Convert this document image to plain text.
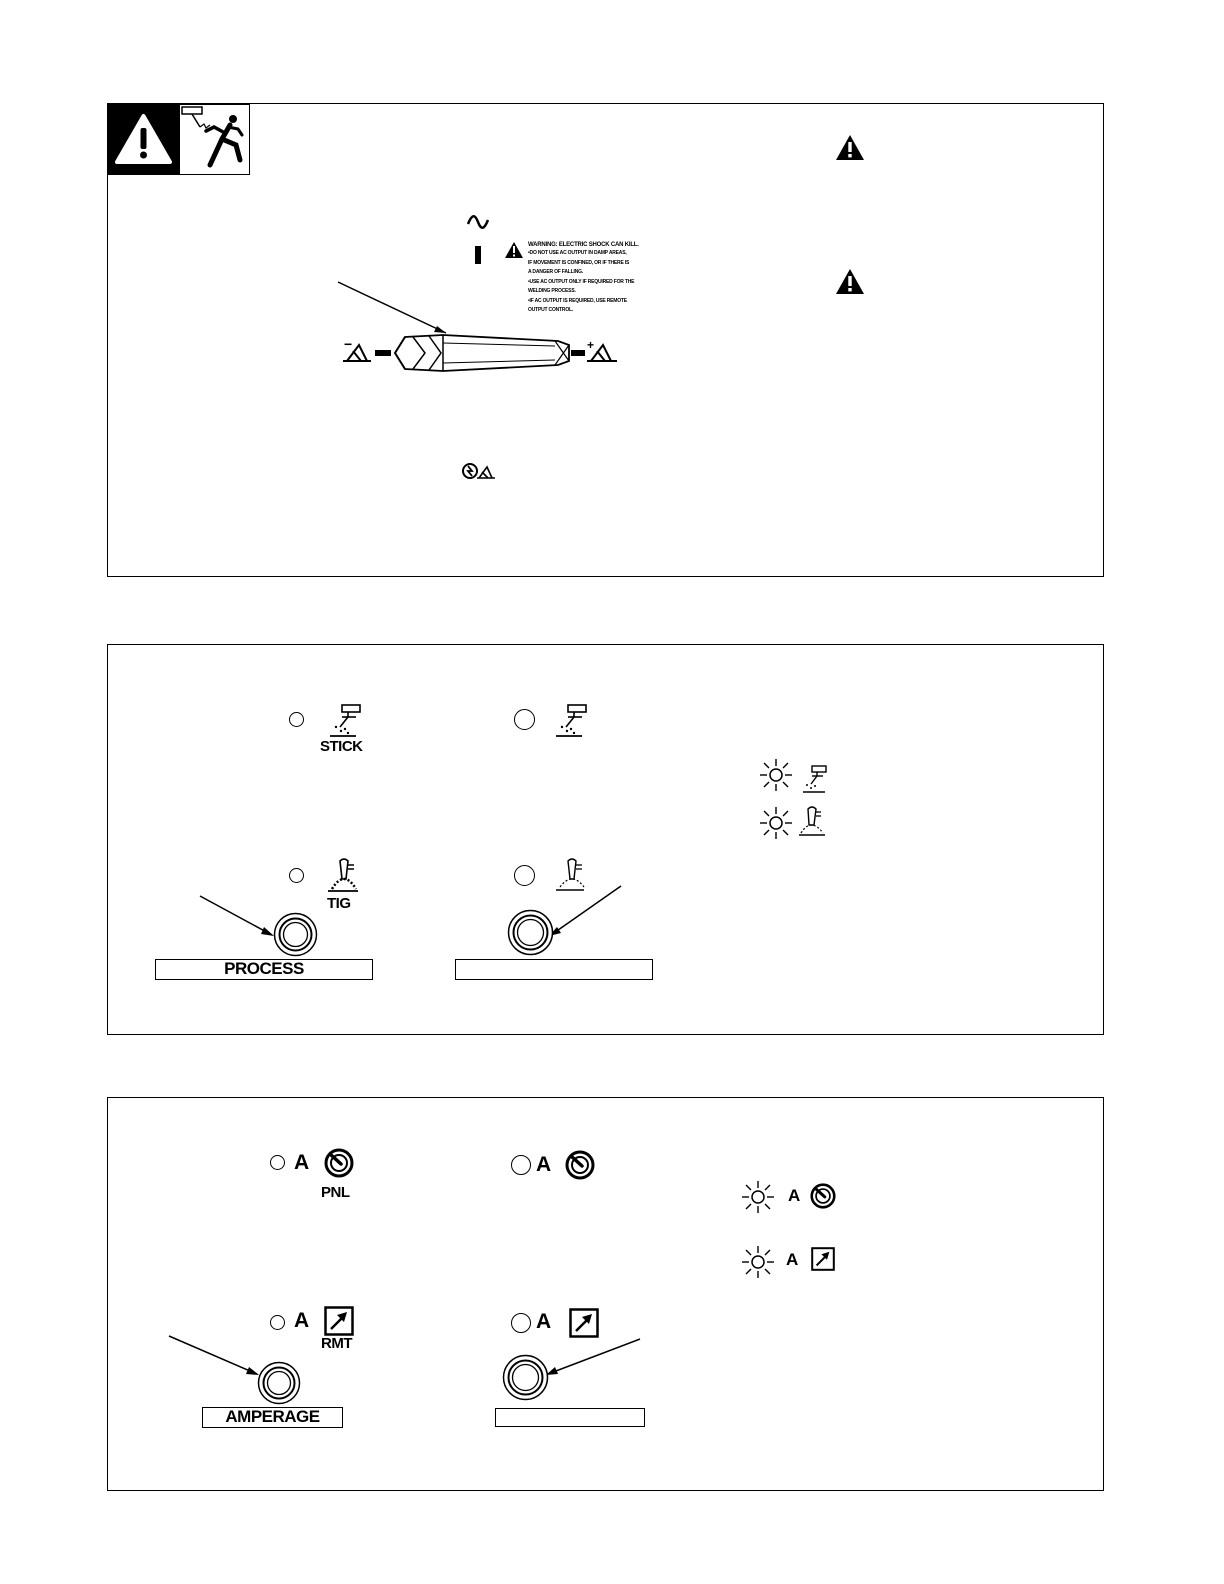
WARNING: ELECTRIC SHOCK CAN KILL.
•DO NOT USE AC OUTPUT IN DAMP AREAS,
IF MOVEMENT IS CONFINED, OR IF THERE IS
A DANGER OF FALLING.
•USE AC OUTPUT ONLY IF REQUIRED FOR THE
WELDING PROCESS.
•IF AC OUTPUT IS REQUIRED, USE REMOTE
OUTPUT CONTROL.
−	+
STICK
TIG
PROCESS
A
PNL
A
A
RMT
A
AMPERAGE
A
A
